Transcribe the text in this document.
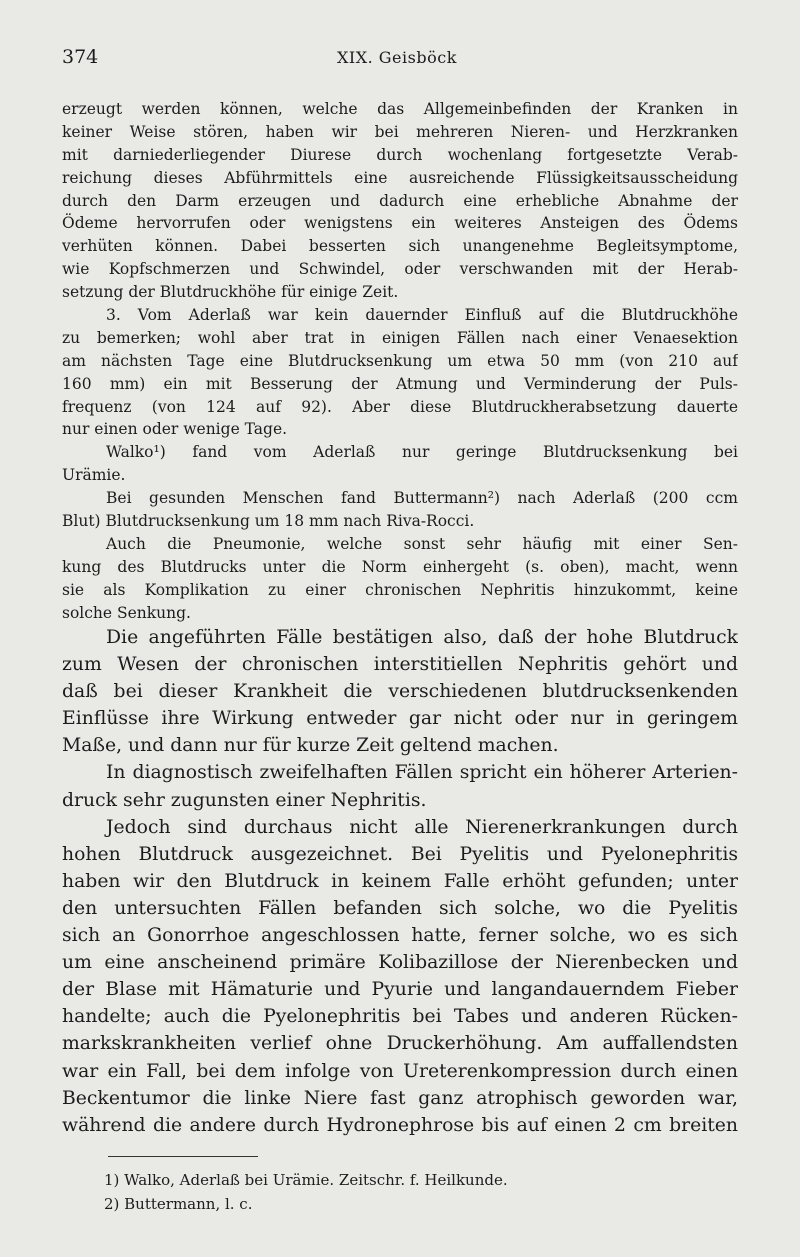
374	XIX. Geisböck
erzeugt werden können, welche das Allgemeinbefinden der Kranken in
keiner Weise stören, haben wir bei mehreren Nieren- und Herzkranken
mit darniederliegender Diurese durch wochenlang fortgesetzte Verab-
reichung dieses Abführmittels eine ausreichende Flüssigkeitsausscheidung
durch den Darm erzeugen und dadurch eine erhebliche Abnahme der
Ödeme hervorrufen oder wenigstens ein weiteres Ansteigen des Ödems
verhüten können. Dabei besserten sich unangenehme Begleitsymptome,
wie Kopfschmerzen und Schwindel, oder verschwanden mit der Herab-
setzung der Blutdruckhöhe für einige Zeit.
3. Vom Aderlaß war kein dauernder Einfluß auf die Blutdruckhöhe
zu bemerken; wohl aber trat in einigen Fällen nach einer Venaesektion
am nächsten Tage eine Blutdrucksenkung um etwa 50 mm (von 210 auf
160 mm) ein mit Besserung der Atmung und Verminderung der Puls-
frequenz (von 124 auf 92). Aber diese Blutdruckherabsetzung dauerte
nur einen oder wenige Tage.
Walko¹) fand vom Aderlaß nur geringe Blutdrucksenkung bei
Urämie.
Bei gesunden Menschen fand Buttermann²) nach Aderlaß (200 ccm
Blut) Blutdrucksenkung um 18 mm nach Riva-Rocci.
Auch die Pneumonie, welche sonst sehr häufig mit einer Sen-
kung des Blutdrucks unter die Norm einhergeht (s. oben), macht, wenn
sie als Komplikation zu einer chronischen Nephritis hinzukommt, keine
solche Senkung.
Die angeführten Fälle bestätigen also, daß der hohe Blutdruck
zum Wesen der chronischen interstitiellen Nephritis gehört und
daß bei dieser Krankheit die verschiedenen blutdrucksenkenden
Einflüsse ihre Wirkung entweder gar nicht oder nur in geringem
Maße, und dann nur für kurze Zeit geltend machen.
In diagnostisch zweifelhaften Fällen spricht ein höherer Arterien-
druck sehr zugunsten einer Nephritis.
Jedoch sind durchaus nicht alle Nierenerkrankungen durch
hohen Blutdruck ausgezeichnet. Bei Pyelitis und Pyelonephritis
haben wir den Blutdruck in keinem Falle erhöht gefunden; unter
den untersuchten Fällen befanden sich solche, wo die Pyelitis
sich an Gonorrhoe angeschlossen hatte, ferner solche, wo es sich
um eine anscheinend primäre Kolibazillose der Nierenbecken und
der Blase mit Hämaturie und Pyurie und langandauerndem Fieber
handelte; auch die Pyelonephritis bei Tabes und anderen Rücken-
markskrankheiten verlief ohne Druckerhöhung. Am auffallendsten
war ein Fall, bei dem infolge von Ureterenkompression durch einen
Beckentumor die linke Niere fast ganz atrophisch geworden war,
während die andere durch Hydronephrose bis auf einen 2 cm breiten
1) Walko, Aderlaß bei Urämie. Zeitschr. f. Heilkunde.
2) Buttermann, l. c.
